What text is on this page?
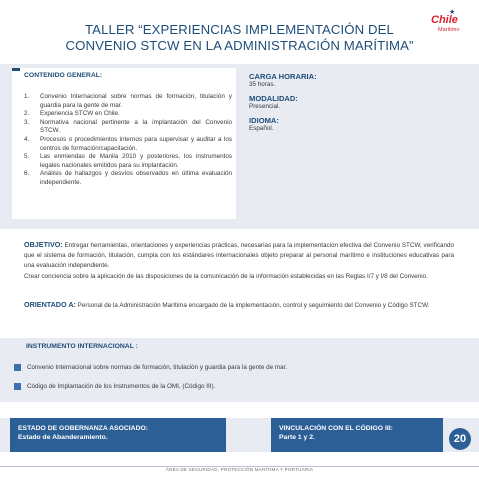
TALLER “EXPERIENCIAS IMPLEMENTACIÓN DEL
CONVENIO STCW EN LA ADMINISTRACIÓN MARÍTIMA”
★
Chile
Marítimo
CONTENIDO GENERAL:
1. Convenio Internacional sobre normas de formación, titulación y guardia para la gente de mar.
2. Experiencia STCW en Chile.
3. Normativa nacional pertinente a la implantación del Convenio STCW.
4. Procesos o procedimientos internos para supervisar y auditar a los centros de formación/capacitación.
5. Las enmiendas de Manila 2010 y posteriores, los instrumentos legales nacionales emitidos para su implantación.
6. Análisis de hallazgos y desvíos observados en última evaluación independiente.
CARGA HORARIA:
35 horas.
MODALIDAD:
Presencial.
IDIOMA:
Español.
OBJETIVO: Entregar herramientas, orientaciones y experiencias prácticas, necesarias para la implementación efectiva del Convenio STCW, verificando que el sistema de formación, titulación, cumpla con los estándares internacionales objeto preparar al personal marítimo e instituciones educativas para una evaluación independiente.
Crear conciencia sobre la aplicación de las disposiciones de la comunicación de la información establecidas en las Reglas I/7 y I/8 del Convenio.
ORIENTADO A: Personal de la Administración Marítima encargado de la implementación, control y seguimiento del Convenio y Código STCW.
INSTRUMENTO INTERNACIONAL :
Convenio Internacional sobre normas de formación, titulación y guardia para la gente de mar.
Código de Implantación de los Instrumentos de la OMI, (Código III).
ESTADO DE GOBERNANZA ASOCIADO:
Estado de Abanderamiento.
VINCULACIÓN CON EL CÓDIGO III:
Parte 1 y 2.	20
ÁREA DE SEGURIDAD, PROTECCIÓN MARÍTIMA Y PORTUARIA
